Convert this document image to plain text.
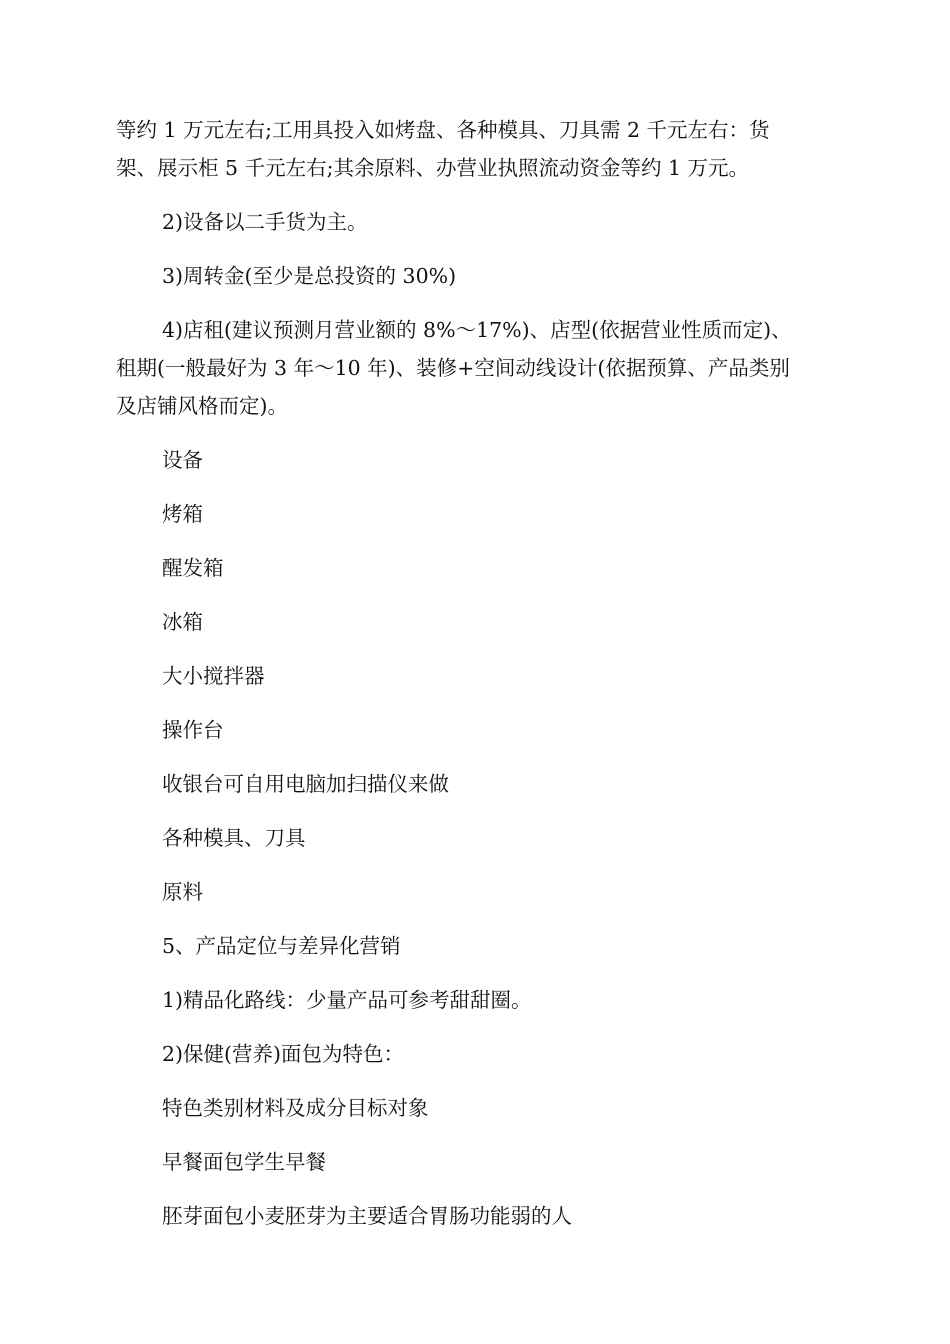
等约 1 万元左右;工用具投入如烤盘、各种模具、刀具需 2 千元左右：货
架、展示柜 5 千元左右;其余原料、办营业执照流动资金等约 1 万元。

2)设备以二手货为主。

3)周转金(至少是总投资的 30%)

4)店租(建议预测月营业额的 8%～17%)、店型(依据营业性质而定)、
租期(一般最好为 3 年～10 年)、装修+空间动线设计(依据预算、产品类别
及店铺风格而定)。

设备

烤箱

醒发箱

冰箱

大小搅拌器

操作台

收银台可自用电脑加扫描仪来做

各种模具、刀具

原料

5、产品定位与差异化营销

1)精品化路线：少量产品可参考甜甜圈。

2)保健(营养)面包为特色：

特色类别材料及成分目标对象

早餐面包学生早餐

胚芽面包小麦胚芽为主要适合胃肠功能弱的人
